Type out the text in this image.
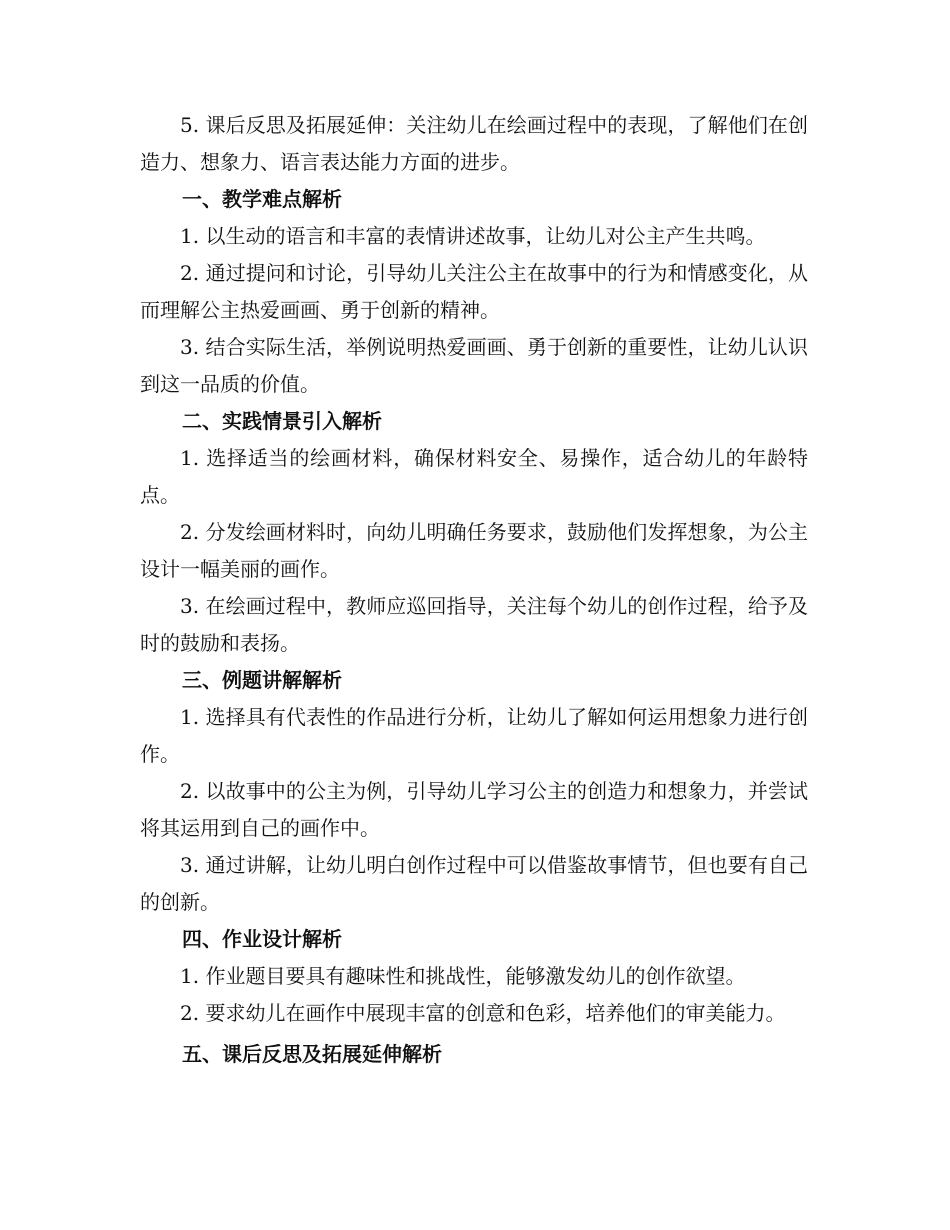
5. 课后反思及拓展延伸：关注幼儿在绘画过程中的表现，了解他们在创造力、想象力、语言表达能力方面的进步。

一、教学难点解析

1. 以生动的语言和丰富的表情讲述故事，让幼儿对公主产生共鸣。

2. 通过提问和讨论，引导幼儿关注公主在故事中的行为和情感变化，从而理解公主热爱画画、勇于创新的精神。

3. 结合实际生活，举例说明热爱画画、勇于创新的重要性，让幼儿认识到这一品质的价值。

二、实践情景引入解析

1. 选择适当的绘画材料，确保材料安全、易操作，适合幼儿的年龄特点。

2. 分发绘画材料时，向幼儿明确任务要求，鼓励他们发挥想象，为公主设计一幅美丽的画作。

3. 在绘画过程中，教师应巡回指导，关注每个幼儿的创作过程，给予及时的鼓励和表扬。

三、例题讲解解析

1. 选择具有代表性的作品进行分析，让幼儿了解如何运用想象力进行创作。

2. 以故事中的公主为例，引导幼儿学习公主的创造力和想象力，并尝试将其运用到自己的画作中。

3. 通过讲解，让幼儿明白创作过程中可以借鉴故事情节，但也要有自己的创新。

四、作业设计解析

1. 作业题目要具有趣味性和挑战性，能够激发幼儿的创作欲望。

2. 要求幼儿在画作中展现丰富的创意和色彩，培养他们的审美能力。

五、课后反思及拓展延伸解析
